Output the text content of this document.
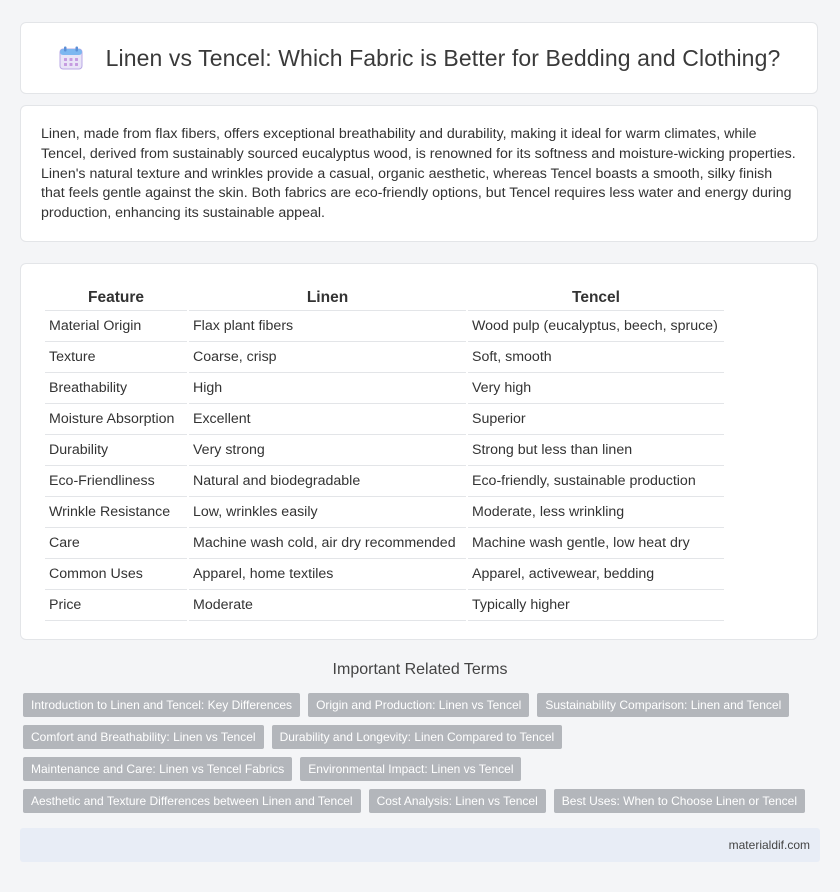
Linen vs Tencel: Which Fabric is Better for Bedding and Clothing?

Linen, made from flax fibers, offers exceptional breathability and durability, making it ideal for warm climates, while Tencel, derived from sustainably sourced eucalyptus wood, is renowned for its softness and moisture-wicking properties. Linen's natural texture and wrinkles provide a casual, organic aesthetic, whereas Tencel boasts a smooth, silky finish that feels gentle against the skin. Both fabrics are eco-friendly options, but Tencel requires less water and energy during production, enhancing its sustainable appeal.

Feature	Linen	Tencel
Material Origin	Flax plant fibers	Wood pulp (eucalyptus, beech, spruce)
Texture	Coarse, crisp	Soft, smooth
Breathability	High	Very high
Moisture Absorption	Excellent	Superior
Durability	Very strong	Strong but less than linen
Eco-Friendliness	Natural and biodegradable	Eco-friendly, sustainable production
Wrinkle Resistance	Low, wrinkles easily	Moderate, less wrinkling
Care	Machine wash cold, air dry recommended	Machine wash gentle, low heat dry
Common Uses	Apparel, home textiles	Apparel, activewear, bedding
Price	Moderate	Typically higher
Important Related Terms
Introduction to Linen and Tencel: Key Differences	Origin and Production: Linen vs Tencel	Sustainability Comparison: Linen and Tencel
Comfort and Breathability: Linen vs Tencel	Durability and Longevity: Linen Compared to Tencel
Maintenance and Care: Linen vs Tencel Fabrics	Environmental Impact: Linen vs Tencel
Aesthetic and Texture Differences between Linen and Tencel	Cost Analysis: Linen vs Tencel	Best Uses: When to Choose Linen or Tencel
materialdif.com
